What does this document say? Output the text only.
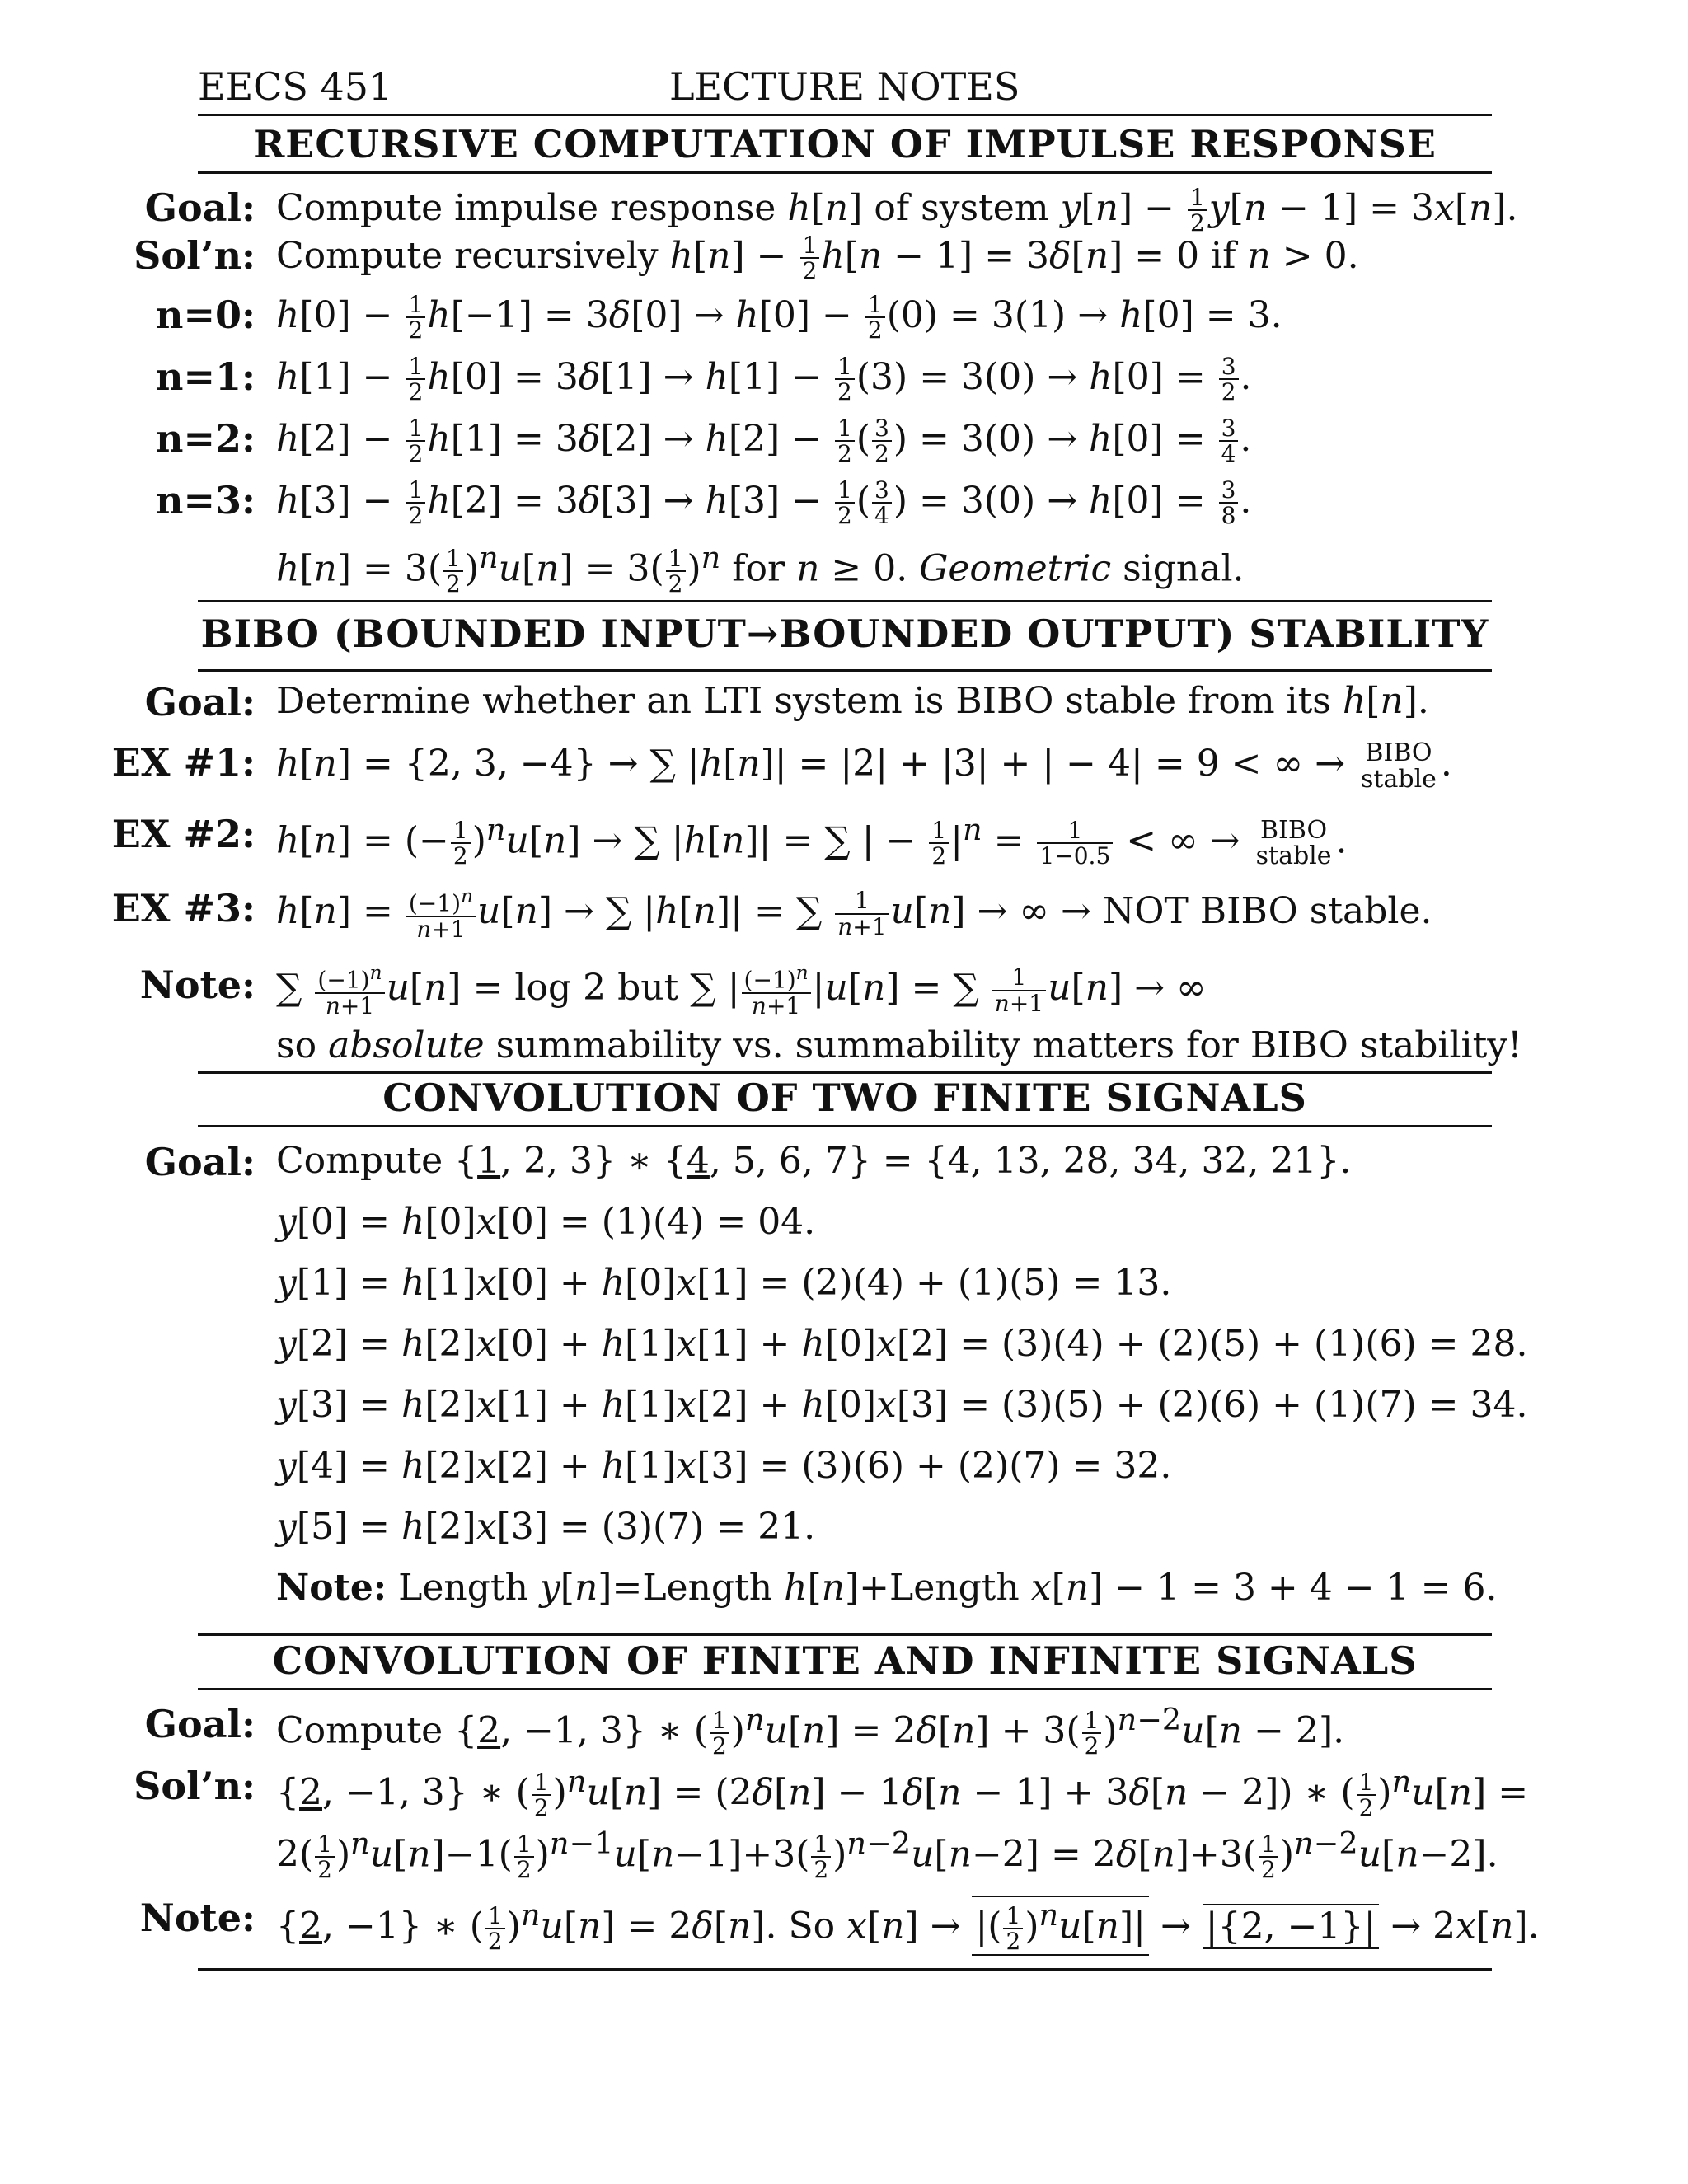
EECS 451	LECTURE NOTES
RECURSIVE COMPUTATION OF IMPULSE RESPONSE
Goal: Compute impulse response h[n] of system $y[n] - \frac{1}{2} y[n - 1] = 3x[n]$.
Sol’n: Compute recursively $h[n] - \frac{1}{2} h[n - 1] = 3\delta[n] = 0$ if n > 0.
n=0: $h[0] - \frac{1}{2} h[-1] = 3\delta[0] \to h[0] - \frac{1}{2} (0) = 3(1) \to h[0] = 3$.
n=1: $h[1] - \frac{1}{2} h[0] = 3\delta[1] \to h[1] - \frac{1}{2} (3) = 3(0) \to h[0] = \frac{3}{2}$ .
n=2: $h[2] - \frac{1}{2} h[1] = 3\delta[2] \to h[2] - \frac{1}{2}$ ( $\frac{3}{2}$ ) = $3(0) \to h[0] = \frac{3}{4}$ .
n=3: $h[3] - \frac{1}{2} h[2] = 3\delta[3] \to h[3] - \frac{1}{2}$ ( $\frac{3}{4}$ ) = $3(0) \to h[0] = \frac{3}{8}$ .
$h[n] = 3( \frac{1}{2} )^nu[n] = 3( \frac{1}{2} )^n$ for n ≥ 0. Geometric signal.
BIBO (BOUNDED INPUT→BOUNDED OUTPUT) STABILITY
Goal: Determine whether an LTI system is BIBO stable from its h[n].
EX #1: h[n] = {2, 3, −4} → ∑ |h[n]| = |2| + |3| + | − 4| = 9 < ∞ → BIBO
stable .
EX #2: h[n] = (− $\frac{1}{2} )^nu[n]$ → ∑ |h[n]| = ∑ | − $\frac{1}{2} |^n = \frac{1}{1-0.5}$ < ∞ → BIBO
stable .
EX #3: $h[n] = \frac{(-1)^n}{n+1} u[n]$ → ∑ |h[n]| = ∑ $\frac{1}{n+1} u[n]$ → ∞ → NOT BIBO stable.
Note: ∑ $\frac{(-1)^n}{n+1} u[n] = \log 2$ but ∑ | $\frac{(-1)^n}{n+1} |u[n]$ = ∑ $\frac{1}{n+1} u[n]$ → ∞
so absolute summability vs. summability matters for BIBO stability!
CONVOLUTION OF TWO FINITE SIGNALS
Goal: Compute {1, 2, 3} ∗ {4, 5, 6, 7} = {4, 13, 28, 34, 32, 21}.
y[0] = h[0]x[0] = (1)(4) = 04.
y[1] = h[1]x[0] + h[0]x[1] = (2)(4) + (1)(5) = 13.
y[2] = h[2]x[0] + h[1]x[1] + h[0]x[2] = (3)(4) + (2)(5) + (1)(6) = 28.
y[3] = h[2]x[1] + h[1]x[2] + h[0]x[3] = (3)(5) + (2)(6) + (1)(7) = 34.
y[4] = h[2]x[2] + h[1]x[3] = (3)(6) + (2)(7) = 32.
y[5] = h[2]x[3] = (3)(7) = 21.
Note: Length y[n]=Length h[n]+Length x[n] − 1 = 3 + 4 − 1 = 6.
CONVOLUTION OF FINITE AND INFINITE SIGNALS
Goal: Compute {2, −1, 3} ∗ ( $\frac{1}{2} )^nu[n] = 2\delta[n] + 3( \frac{1}{2} )^{n-2}u[n - 2]$.
Sol’n: {2, −1, 3} ∗ ( $\frac{1}{2} )^nu[n] = (2\delta[n] - 1\delta[n - 1] + 3\delta[n - 2])$ ∗ ( $\frac{1}{2} )^nu[n]$ =
$2( \frac{1}{2} )^nu[n]-1( \frac{1}{2} )^{n-1}u[n-1]+3( \frac{1}{2} )^{n-2}u[n-2] = 2\delta[n]+3( \frac{1}{2} )^{n-2}u[n-2]$.
Note: {2, −1} ∗ ( $\frac{1}{2} )^nu[n] = 2\delta[n]$. So x[n] → |( $\frac{1}{2} )^nu[n]| \to |\{2$, −1}| → 2x[n].
